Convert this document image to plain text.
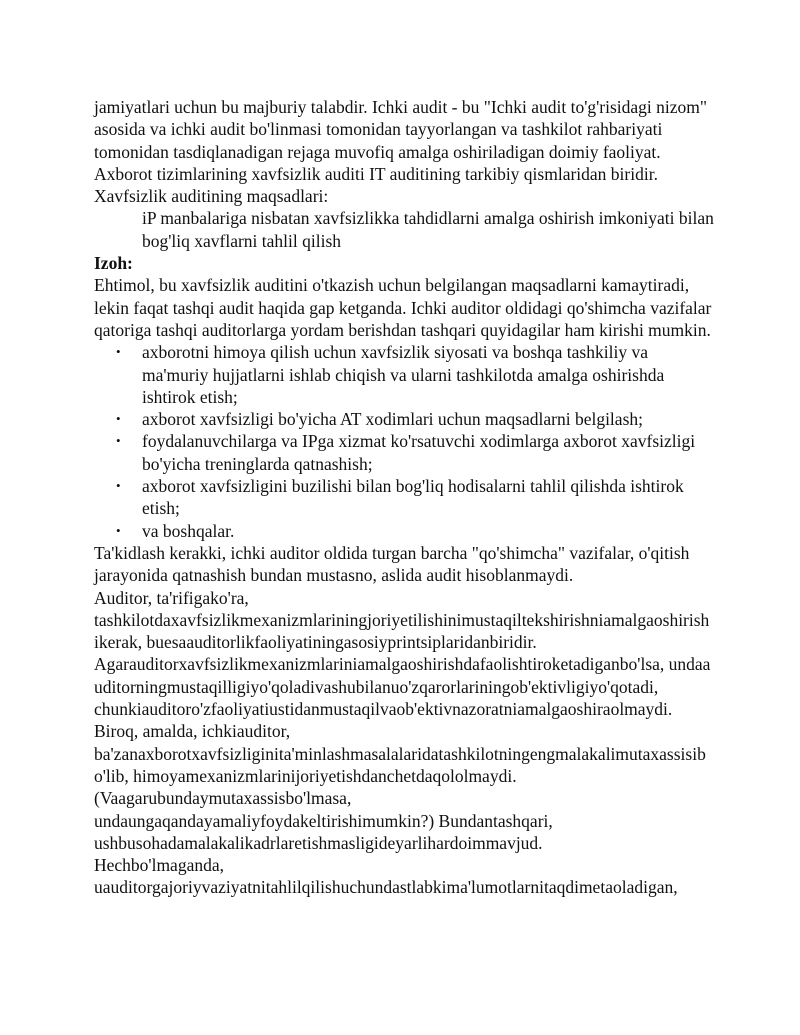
jamiyatlari uchun bu majburiy talabdir. Ichki audit - bu "Ichki audit to'g'risidagi nizom" asosida va ichki audit bo'linmasi tomonidan tayyorlangan va tashkilot rahbariyati tomonidan tasdiqlanadigan rejaga muvofiq amalga oshiriladigan doimiy faoliyat. Axborot tizimlarining xavfsizlik auditi IT auditining tarkibiy qismlaridan biridir. Xavfsizlik auditining maqsadlari:

iP manbalariga nisbatan xavfsizlikka tahdidlarni amalga oshirish imkoniyati bilan bog'liq xavflarni tahlil qilish

Izoh:

Ehtimol, bu xavfsizlik auditini o'tkazish uchun belgilangan maqsadlarni kamaytiradi, lekin faqat tashqi audit haqida gap ketganda. Ichki auditor oldidagi qo'shimcha vazifalar qatoriga tashqi auditorlarga yordam berishdan tashqari quyidagilar ham kirishi mumkin.

• axborotni himoya qilish uchun xavfsizlik siyosati va boshqa tashkiliy va ma'muriy hujjatlarni ishlab chiqish va ularni tashkilotda amalga oshirishda ishtirok etish;
• axborot xavfsizligi bo'yicha AT xodimlari uchun maqsadlarni belgilash;
• foydalanuvchilarga va IPga xizmat ko'rsatuvchi xodimlarga axborot xavfsizligi bo'yicha treninglarda qatnashish;
• axborot xavfsizligini buzilishi bilan bog'liq hodisalarni tahlil qilishda ishtirok etish;
• va boshqalar.

Ta'kidlash kerakki, ichki auditor oldida turgan barcha "qo'shimcha" vazifalar, o'qitish jarayonida qatnashish bundan mustasno, aslida audit hisoblanmaydi.

Auditor, ta'rifigako'ra,

tashkilotdaxavfsizlikmexanizmlariningjoriyetilishinimustaqiltekshirishniamalgaoshirishikerak, buesaauditorlikfaoliyatiningasosiyprintsiplaridanbiridir.

Agarauditorxavfsizlikmexanizmlariniamalgaoshirishdafaolishtiroketadiganbo'lsa, undaauditorningmustaqilligiyo'qoladivashubilanuo'zqarorlariningob'ektivligiyo'qotadi,

chunkiauditoro'zfaoliyatiustidanmustaqilvaob'ektivnazoratniamalgaoshiraolmaydi.

Biroq, amalda, ichkiauditor,

ba'zanaxborotxavfsizliginita'minlashmasalalaridatashkilotningengmalakalimutaxassisibo'lib, himoyamexanizmlarinijoriyetishdanchetdaqololmaydi.

(Vaagarubundaymutaxassisbo'lmasa,

undaungaqandayamaliyfoydakeltirishimumkin?) Bundantashqari,

ushbusohadamalakalikadrlaretishmasligideyarlihardoimmavjud.

Hechbo'lmaganda,

uauditorgajoriyvaziyatnitahlilqilishuchundastlabkima'lumotlarnitaqdimetaoladigan,
